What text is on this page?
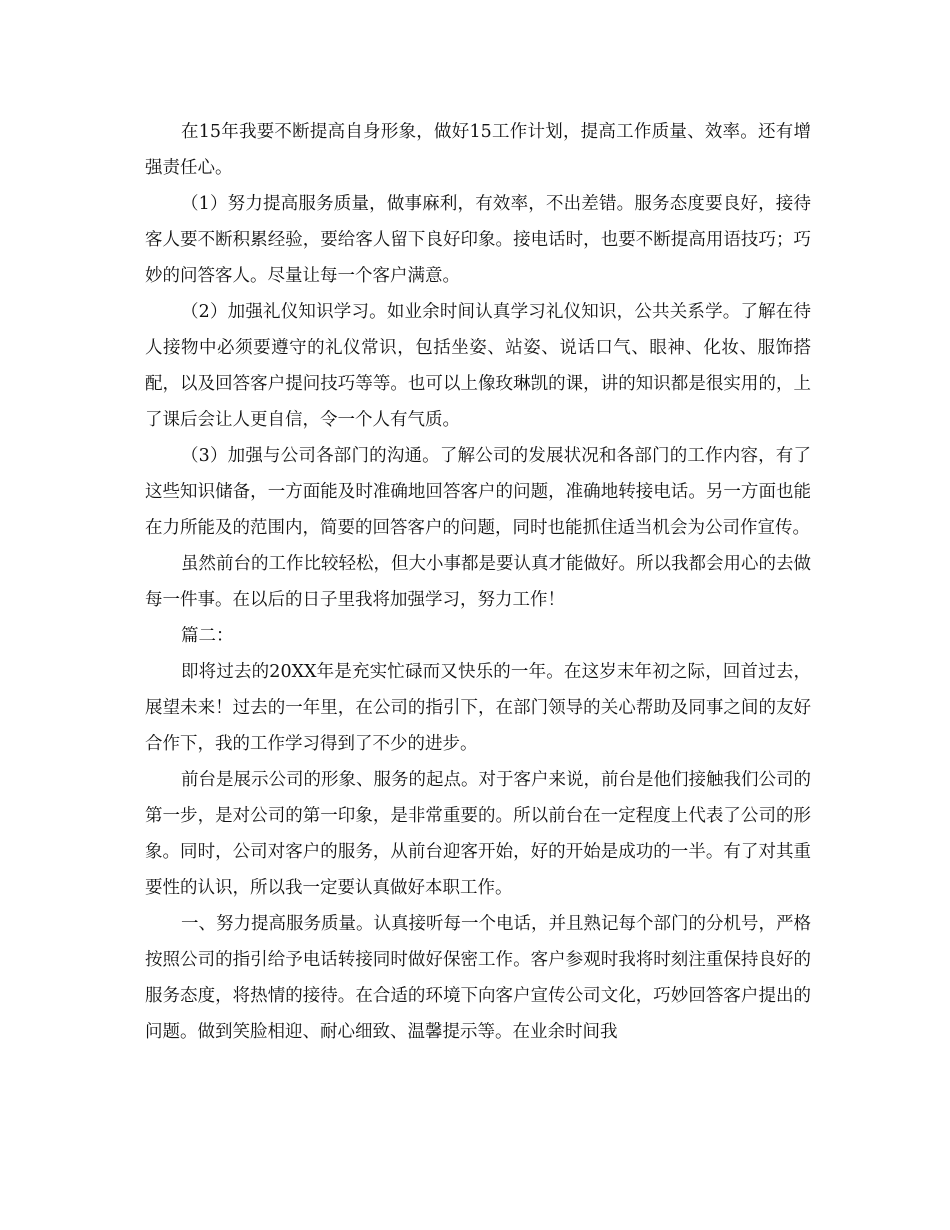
在15年我要不断提高自身形象，做好15工作计划，提高工作质量、效率。还有增强责任心。

（1）努力提高服务质量，做事麻利，有效率，不出差错。服务态度要良好，接待客人要不断积累经验，要给客人留下良好印象。接电话时，也要不断提高用语技巧；巧妙的问答客人。尽量让每一个客户满意。

（2）加强礼仪知识学习。如业余时间认真学习礼仪知识，公共关系学。了解在待人接物中必须要遵守的礼仪常识，包括坐姿、站姿、说话口气、眼神、化妆、服饰搭配，以及回答客户提问技巧等等。也可以上像玫琳凯的课，讲的知识都是很实用的，上了课后会让人更自信，令一个人有气质。

（3）加强与公司各部门的沟通。了解公司的发展状况和各部门的工作内容，有了这些知识储备，一方面能及时准确地回答客户的问题，准确地转接电话。另一方面也能在力所能及的范围内，简要的回答客户的问题，同时也能抓住适当机会为公司作宣传。

虽然前台的工作比较轻松，但大小事都是要认真才能做好。所以我都会用心的去做每一件事。在以后的日子里我将加强学习，努力工作！

篇二：

即将过去的20XX年是充实忙碌而又快乐的一年。在这岁末年初之际，回首过去，展望未来！过去的一年里，在公司的指引下，在部门领导的关心帮助及同事之间的友好合作下，我的工作学习得到了不少的进步。

前台是展示公司的形象、服务的起点。对于客户来说，前台是他们接触我们公司的第一步，是对公司的第一印象，是非常重要的。所以前台在一定程度上代表了公司的形象。同时，公司对客户的服务，从前台迎客开始，好的开始是成功的一半。有了对其重要性的认识，所以我一定要认真做好本职工作。

一、努力提高服务质量。认真接听每一个电话，并且熟记每个部门的分机号，严格按照公司的指引给予电话转接同时做好保密工作。客户参观时我将时刻注重保持良好的服务态度，将热情的接待。在合适的环境下向客户宣传公司文化，巧妙回答客户提出的问题。做到笑脸相迎、耐心细致、温馨提示等。在业余时间我
